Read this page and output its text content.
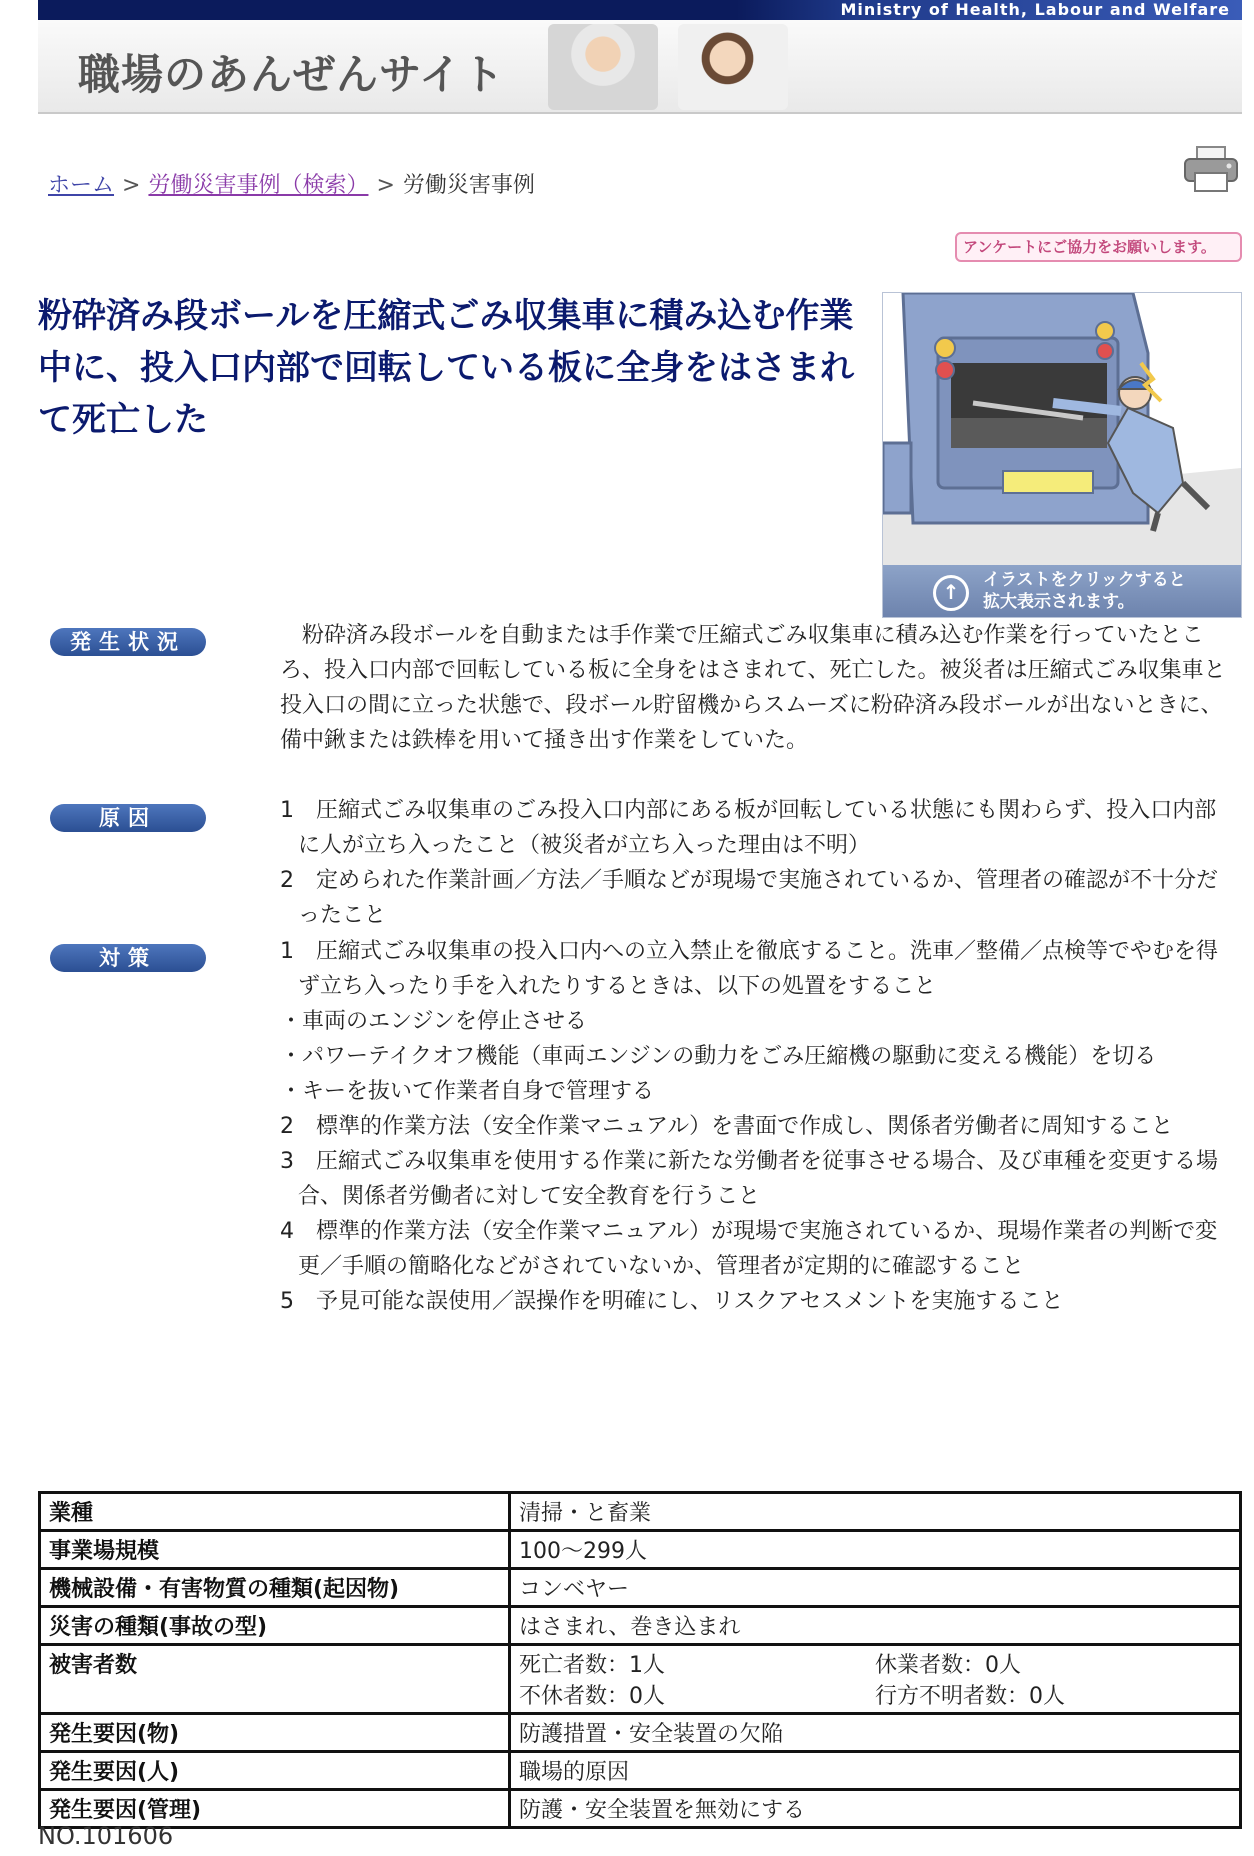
Ministry of Health, Labour and Welfare
職場のあんぜんサイト
ホーム > 労働災害事例（検索） > 労働災害事例
アンケートにご協力をお願いします。
粉砕済み段ボールを圧縮式ごみ収集車に積み込む作業中に、投入口内部で回転している板に全身をはさまれて死亡した
↑	イラストをクリックすると
拡大表示されます。
発生状況	粉砕済み段ボールを自動または手作業で圧縮式ごみ収集車に積み込む作業を行っていたところ、投入口内部で回転している板に全身をはさまれて、死亡した。被災者は圧縮式ごみ収集車と投入口の間に立った状態で、段ボール貯留機からスムーズに粉砕済み段ボールが出ないときに、備中鍬または鉄棒を用いて掻き出す作業をしていた。

原因	1　圧縮式ごみ収集車のごみ投入口内部にある板が回転している状態にも関わらず、投入口内部に人が立ち入ったこと（被災者が立ち入った理由は不明）

2　定められた作業計画／方法／手順などが現場で実施されているか、管理者の確認が不十分だったこと

対策	1　圧縮式ごみ収集車の投入口内への立入禁止を徹底すること。洗車／整備／点検等でやむを得ず立ち入ったり手を入れたりするときは、以下の処置をすること

・車両のエンジンを停止させる

・パワーテイクオフ機能（車両エンジンの動力をごみ圧縮機の駆動に変える機能）を切る

・キーを抜いて作業者自身で管理する

2　標準的作業方法（安全作業マニュアル）を書面で作成し、関係者労働者に周知すること

3　圧縮式ごみ収集車を使用する作業に新たな労働者を従事させる場合、及び車種を変更する場合、関係者労働者に対して安全教育を行うこと

4　標準的作業方法（安全作業マニュアル）が現場で実施されているか、現場作業者の判断で変更／手順の簡略化などがされていないか、管理者が定期的に確認すること

5　予見可能な誤使用／誤操作を明確にし、リスクアセスメントを実施すること

業種	清掃・と畜業
事業場規模	100～299人
機械設備・有害物質の種類(起因物)	コンベヤー
災害の種類(事故の型)	はさまれ、巻き込まれ
被害者数	死亡者数：1人 休業者数：0人
不休者数：0人 行方不明者数：0人

発生要因(物)	防護措置・安全装置の欠陥
発生要因(人)	職場的原因
発生要因(管理)	防護・安全装置を無効にする
NO.101606
